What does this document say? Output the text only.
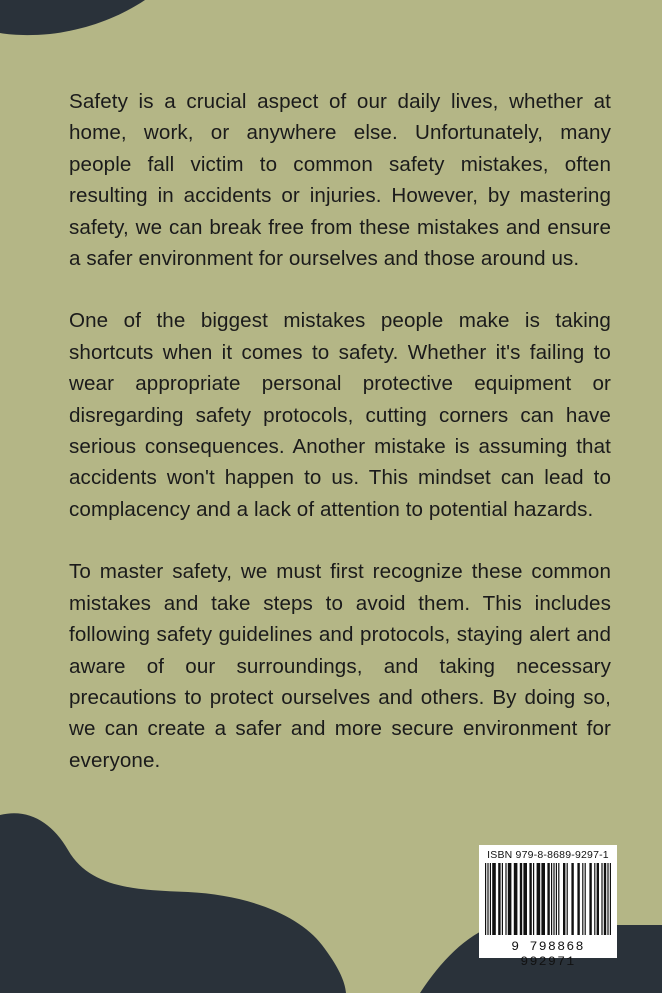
Safety is a crucial aspect of our daily lives, whether at home, work, or anywhere else. Unfortunately, many people fall victim to common safety mistakes, often resulting in accidents or injuries. However, by mastering safety, we can break free from these mistakes and ensure a safer environment for ourselves and those around us.

One of the biggest mistakes people make is taking shortcuts when it comes to safety. Whether it's failing to wear appropriate personal protective equipment or disregarding safety protocols, cutting corners can have serious consequences. Another mistake is assuming that accidents won't happen to us. This mindset can lead to complacency and a lack of attention to potential hazards.

To master safety, we must first recognize these common mistakes and take steps to avoid them. This includes following safety guidelines and protocols, staying alert and aware of our surroundings, and taking necessary precautions to protect ourselves and others. By doing so, we can create a safer and more secure environment for everyone.

ISBN 979-8-8689-9297-1
9 798868 992971
